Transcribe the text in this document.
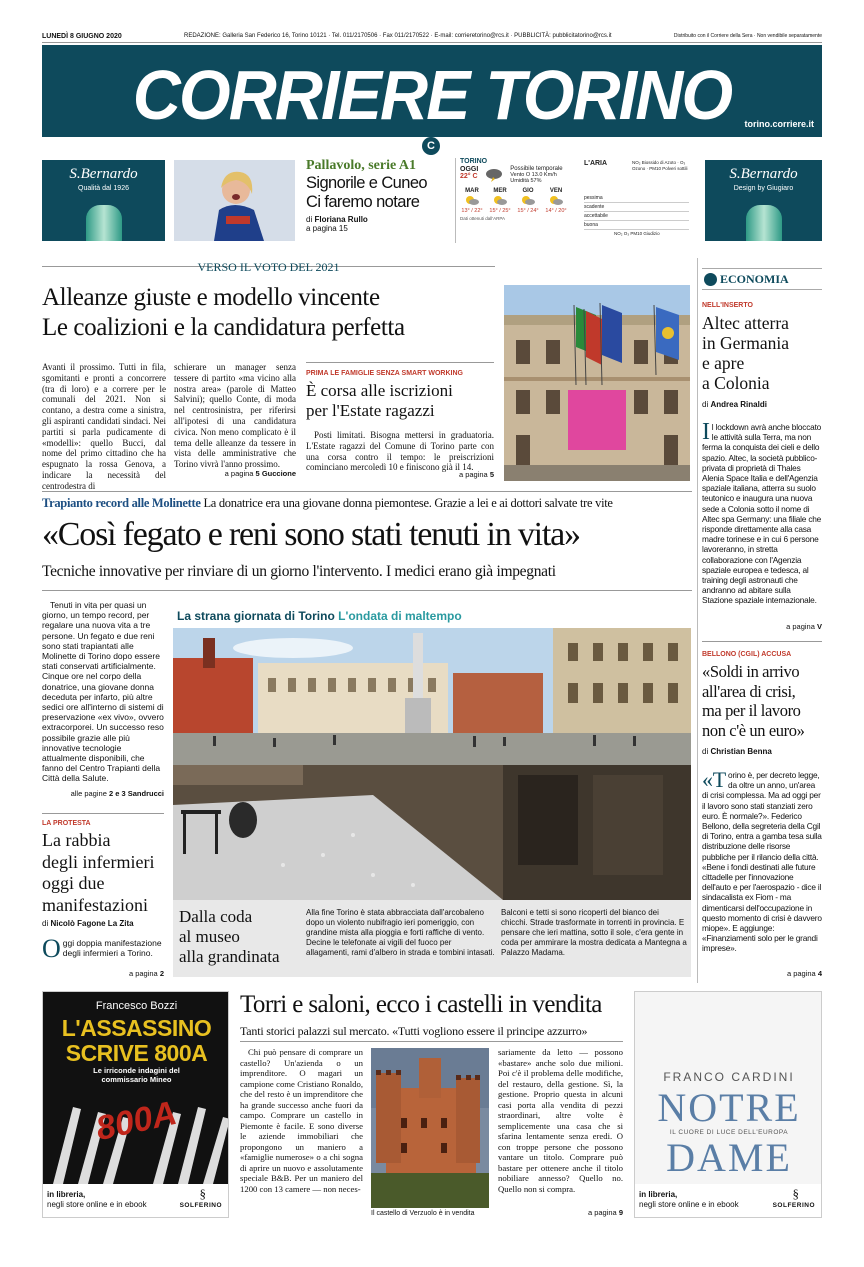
LUNEDÌ 8 GIUGNO 2020	REDAZIONE: Galleria San Federico 16, Torino 10121 · Tel. 011/2170506 · Fax 011/2170522 · E-mail: corrieretorino@rcs.it · PUBBLICITÀ: pubblicitatorino@rcs.it	Distribuito con il Corriere della Sera · Non vendibile separatamente
CORRIERE TORINO	torino.corriere.it
C
S.Bernardo
Qualità dal 1926
Pallavolo, serie A1
Signorile e Cuneo
Ci faremo notare
di Floriana Rullo
a pagina 15
TORINO
OGGI
22° C
Possibile temporale
Vento O 13.0 Km/h
Umidità 57%
MAR
13° / 22°
MER
15° / 25°
GIO
15° / 24°
VEN
14° / 20°
Dati ottenuti dall'ARPA
L'ARIA	NO₂ Biossido di Azoto · O₃ Ozono · PM10 Polveri sottili
pessima
scadente
accettabile
buona
NO₂ O₃ PM10 Giudizio
S.Bernardo
Design by Giugiaro
VERSO IL VOTO DEL 2021
Alleanze giuste e modello vincente
Le coalizioni e la candidatura perfetta
Avanti il prossimo. Tutti in fila, sgomitanti e pronti a concorrere (tra di loro) e a correre per le comunali del 2021. Non si contano, a destra come a sinistra, gli aspiranti candidati sindaci. Nei partiti si parla pudicamente di «modelli»: quello Bucci, dal nome del primo cittadino che ha espugnato la rossa Genova, a indicare la necessità del centrodestra di
schierare un manager senza tessere di partito «ma vicino alla nostra area» (parole di Matteo Salvini); quello Conte, di moda nel centrosinistra, per riferirsi all'ipotesi di una candidatura civica. Non meno complicato è il tema delle alleanze da tessere in vista delle amministrative che Torino vivrà l'anno prossimo.
a pagina 5 Guccione
PRIMA LE FAMIGLIE SENZA SMART WORKING
È corsa alle iscrizioni
per l'Estate ragazzi
Posti limitati. Bisogna mettersi in graduatoria. L'Estate ragazzi del Comune di Torino parte con una corsa contro il tempo: le preiscrizioni cominciano mercoledì 10 e finiscono già il 14.
a pagina 5
Trapianto record alle Molinette La donatrice era una giovane donna piemontese. Grazie a lei e ai dottori salvate tre vite
«Così fegato e reni sono stati tenuti in vita»
Tecniche innovative per rinviare di un giorno l'intervento. I medici erano già impegnati
Tenuti in vita per quasi un giorno, un tempo record, per regalare una nuova vita a tre persone. Un fegato e due reni sono stati trapiantati alle Molinette di Torino dopo essere stati conservati artificialmente. Cinque ore nel corpo della donatrice, una giovane donna deceduta per infarto, più altre sedici ore all'interno di sistemi di preservazione «ex vivo», ovvero extracorporei. Un successo reso possibile grazie alle più innovative tecnologie attualmente disponibili, che fanno del Centro Trapianti della Città della Salute.
alle pagine 2 e 3 Sandrucci
LA PROTESTA
La rabbia
degli infermieri
oggi due
manifestazioni
di Nicolò Fagone La Zita
O ggi doppia manifestazione degli infermieri a Torino.
a pagina 2
La strana giornata di Torino L'ondata di maltempo
Dalla coda
al museo
alla grandinata
Alla fine Torino è stata abbracciata dall'arcobaleno dopo un violento nubifragio ieri pomeriggio, con grandine mista alla pioggia e forti raffiche di vento. Decine le telefonate ai vigili del fuoco per allagamenti, rami d'albero in strada e tombini intasati.
Balconi e tetti si sono ricoperti del bianco dei chicchi. Strade trasformate in torrenti in provincia. E pensare che ieri mattina, sotto il sole, c'era gente in coda per ammirare la mostra dedicata a Mantegna a Palazzo Madama.
ECONOMIA
NELL'INSERTO
Altec atterra
in Germania
e apre
a Colonia
di Andrea Rinaldi
I l lockdown avrà anche bloccato le attività sulla Terra, ma non ferma la conquista dei cieli e dello spazio. Altec, la società pubblico-privata di proprietà di Thales Alenia Space Italia e dell'Agenzia spaziale italiana, atterra su suolo teutonico e inaugura una nuova sede a Colonia sotto il nome di Altec spa Germany: una filiale che risponde direttamente alla casa madre torinese e in cui 6 persone lavoreranno, in stretta collaborazione con l'Agenzia spaziale europea e tedesca, al training degli astronauti che andranno ad abitare sulla Stazione spaziale internazionale.
a pagina V
BELLONO (CGIL) ACCUSA
«Soldi in arrivo
all'area di crisi,
ma per il lavoro
non c'è un euro»
di Christian Benna
«T orino è, per decreto legge, da oltre un anno, un'area di crisi complessa. Ma ad oggi per il lavoro sono stati stanziati zero euro. È normale?». Federico Bellono, della segreteria della Cgil di Torino, entra a gamba tesa sulla distribuzione delle risorse pubbliche per il rilancio della città. «Bene i fondi destinati alle future cittadelle per l'innovazione dell'auto e per l'aerospazio - dice il sindacalista ex Fiom - ma dimenticarsi dell'occupazione in questo momento di crisi è davvero miope». E aggiunge: «Finanziamenti solo per le grandi imprese».
a pagina 4
Francesco Bozzi
L'ASSASSINO
SCRIVE 800A
Le irriconde indagini del commissario Mineo
800A
in libreria,
negli store online e in ebook	SOLFERINO
§
Torri e saloni, ecco i castelli in vendita
Tanti storici palazzi sul mercato. «Tutti vogliono essere il principe azzurro»
Chi può pensare di comprare un castello? Un'azienda o un imprenditore. O magari un campione come Cristiano Ronaldo, che del resto è un imprenditore che ha grande successo anche fuori da campo. Comprare un castello in Piemonte è facile. E sono diverse le aziende immobiliari che propongono un maniero a «famiglie numerose» o a chi sogna di aprire un nuovo e assolutamente speciale B&B. Per un maniero del 1200 con 13 camere — non neces-
Il castello di Verzuolo è in vendita
sariamente da letto — possono «bastare» anche solo due milioni. Poi c'è il problema delle modifiche, del restauro, della gestione. Sì, la gestione. Proprio questa in alcuni casi porta alla vendita di pezzi straordinari, altre volte è semplicemente una casa che si sfarina lentamente senza eredi. O con troppe persone che possono vantare un titolo. Comprare può bastare per ottenere anche il titolo nobiliare annesso? Quello no. Quello non si compra.
a pagina 9
FRANCO CARDINI
NOTRE
IL CUORE DI LUCE DELL'EUROPA
DAME
in libreria,
negli store online e in ebook	SOLFERINO
§
